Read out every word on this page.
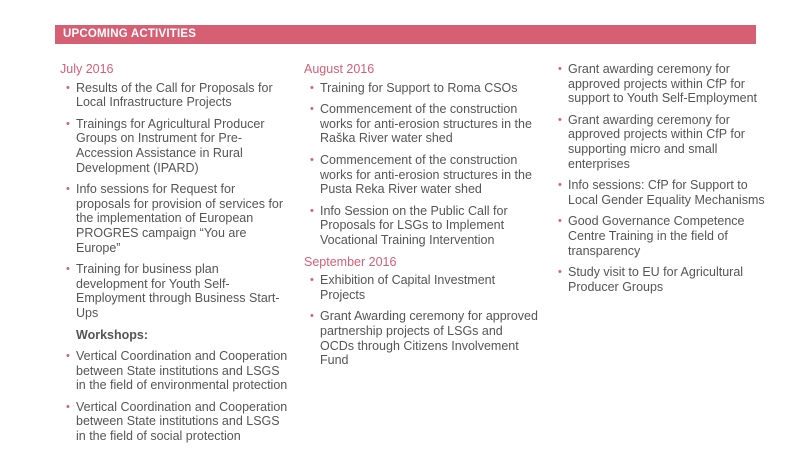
UPCOMING ACTIVITIES
July 2016
• Results of the Call for Proposals for Local Infrastructure Projects
• Trainings for Agricultural Producer Groups on Instrument for Pre-Accession Assistance in Rural Development (IPARD)
• Info sessions for Request for proposals for provision of services for the implementation of European PROGRES campaign “You are Europe”
• Training for business plan development for Youth Self-Employment through Business Start-Ups
Workshops:
• Vertical Coordination and Cooperation between State institutions and LSGS in the field of environmental protection
• Vertical Coordination and Cooperation between State institutions and LSGS in the field of social protection
August 2016
• Training for Support to Roma CSOs
• Commencement of the construction works for anti-erosion structures in the Raška River water shed
• Commencement of the construction works for anti-erosion structures in the Pusta Reka River water shed
• Info Session on the Public Call for Proposals for LSGs to Implement Vocational Training Intervention
September 2016
• Exhibition of Capital Investment Projects
• Grant Awarding ceremony for approved partnership projects of LSGs and OCDs through Citizens Involvement Fund
• Grant awarding ceremony for approved projects within CfP for support to Youth Self-Employment
• Grant awarding ceremony for approved projects within CfP for supporting micro and small enterprises
• Info sessions: CfP for Support to Local Gender Equality Mechanisms
• Good Governance Competence Centre Training in the field of transparency
• Study visit to EU for Agricultural Producer Groups
